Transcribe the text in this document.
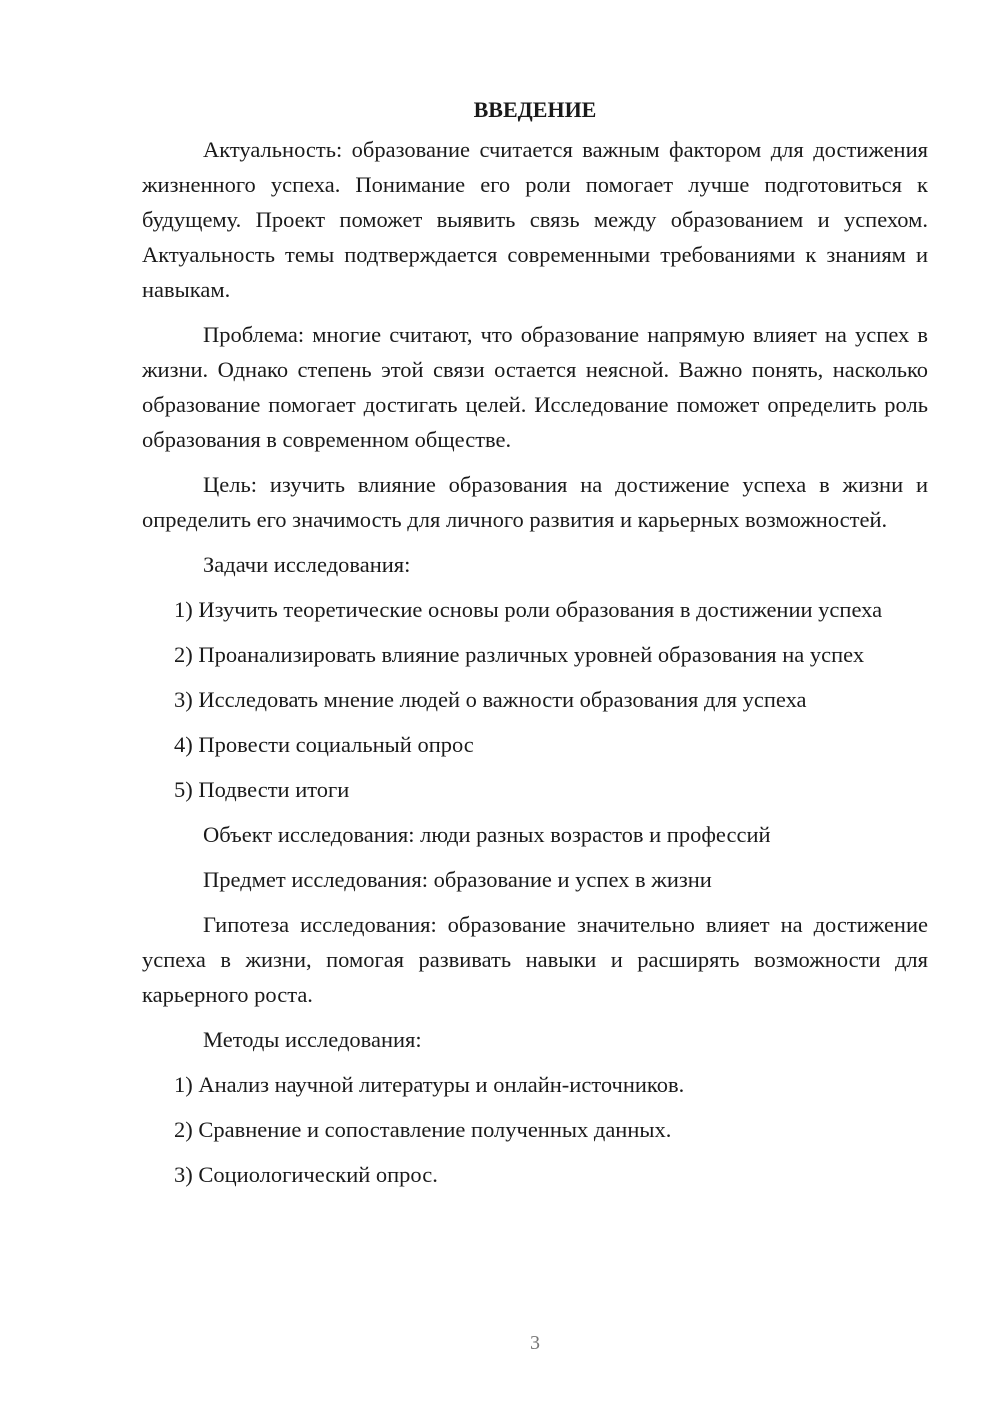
ВВЕДЕНИЕ

Актуальность: образование считается важным фактором для достижения жизненного успеха. Понимание его роли помогает лучше подготовиться к будущему. Проект поможет выявить связь между образованием и успехом. Актуальность темы подтверждается современными требованиями к знаниям и навыкам.

Проблема: многие считают, что образование напрямую влияет на успех в жизни. Однако степень этой связи остается неясной. Важно понять, насколько образование помогает достигать целей. Исследование поможет определить роль образования в современном обществе.

Цель: изучить влияние образования на достижение успеха в жизни и определить его значимость для личного развития и карьерных возможностей.

Задачи исследования:

1) Изучить теоретические основы роли образования в достижении успеха

2) Проанализировать влияние различных уровней образования на успех

3) Исследовать мнение людей о важности образования для успеха

4) Провести социальный опрос

5) Подвести итоги

Объект исследования: люди разных возрастов и профессий

Предмет исследования: образование и успех в жизни

Гипотеза исследования: образование значительно влияет на достижение успеха в жизни, помогая развивать навыки и расширять возможности для карьерного роста.

Методы исследования:

1) Анализ научной литературы и онлайн-источников.

2) Сравнение и сопоставление полученных данных.

3) Социологический опрос.

3
